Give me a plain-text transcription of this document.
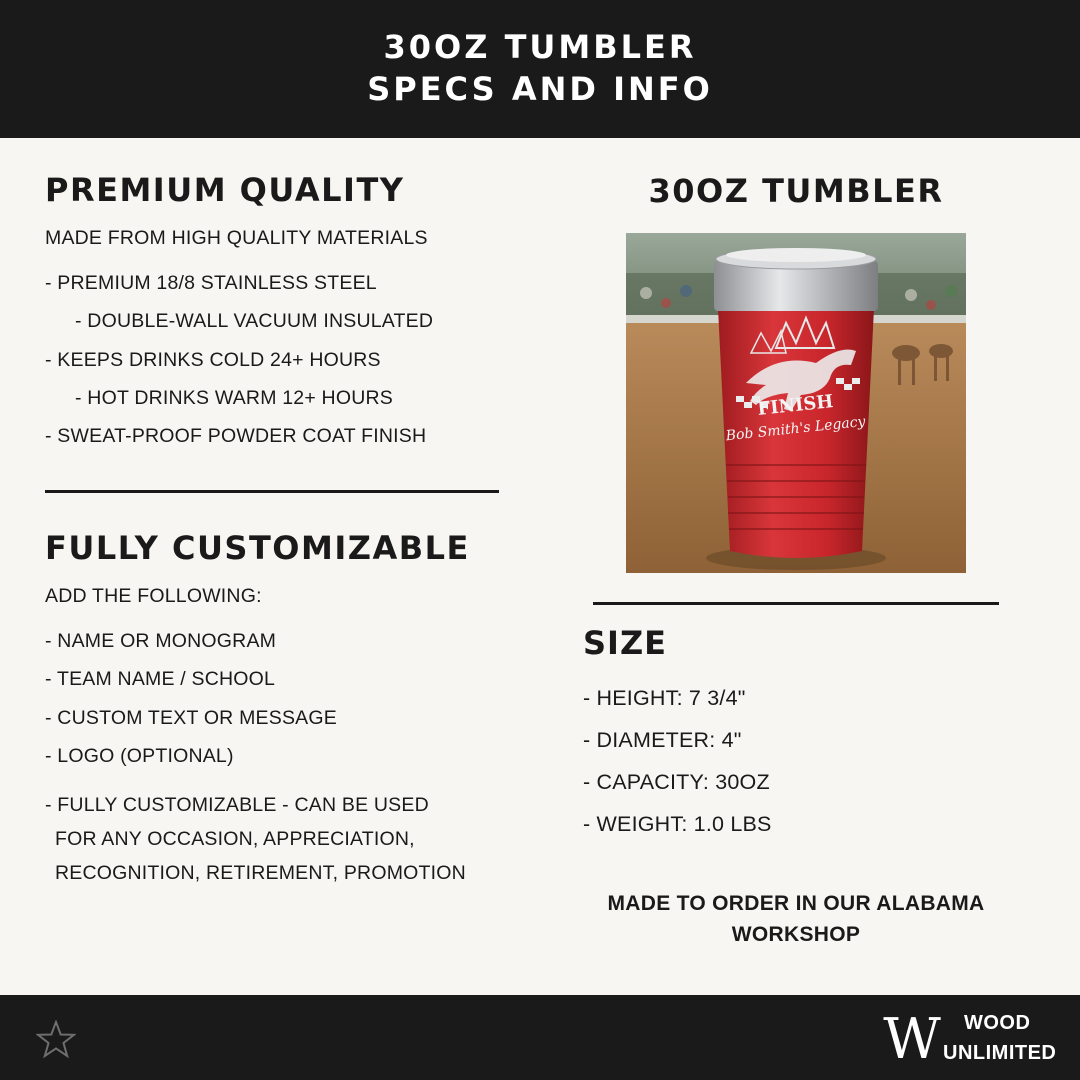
30OZ TUMBLER
SPECS AND INFO
PREMIUM QUALITY
MADE FROM HIGH QUALITY MATERIALS
- PREMIUM 18/8 STAINLESS STEEL
- DOUBLE-WALL VACUUM INSULATED
- KEEPS DRINKS COLD 24+ HOURS
- HOT DRINKS WARM 12+ HOURS
- SWEAT-PROOF POWDER COAT FINISH
FULLY CUSTOMIZABLE
ADD THE FOLLOWING:
- NAME OR MONOGRAM
- TEAM NAME / SCHOOL
- CUSTOM TEXT OR MESSAGE
- LOGO (OPTIONAL)
- FULLY CUSTOMIZABLE - CAN BE USED
FOR ANY OCCASION, APPRECIATION,
RECOGNITION, RETIREMENT, PROMOTION
30OZ TUMBLER
FINISH
Bob Smith's Legacy
SIZE
- HEIGHT: 7 3/4"
- DIAMETER: 4"
- CAPACITY: 30OZ
- WEIGHT: 1.0 LBS
MADE TO ORDER IN OUR ALABAMA
WORKSHOP
W WOOD
UNLIMITED
